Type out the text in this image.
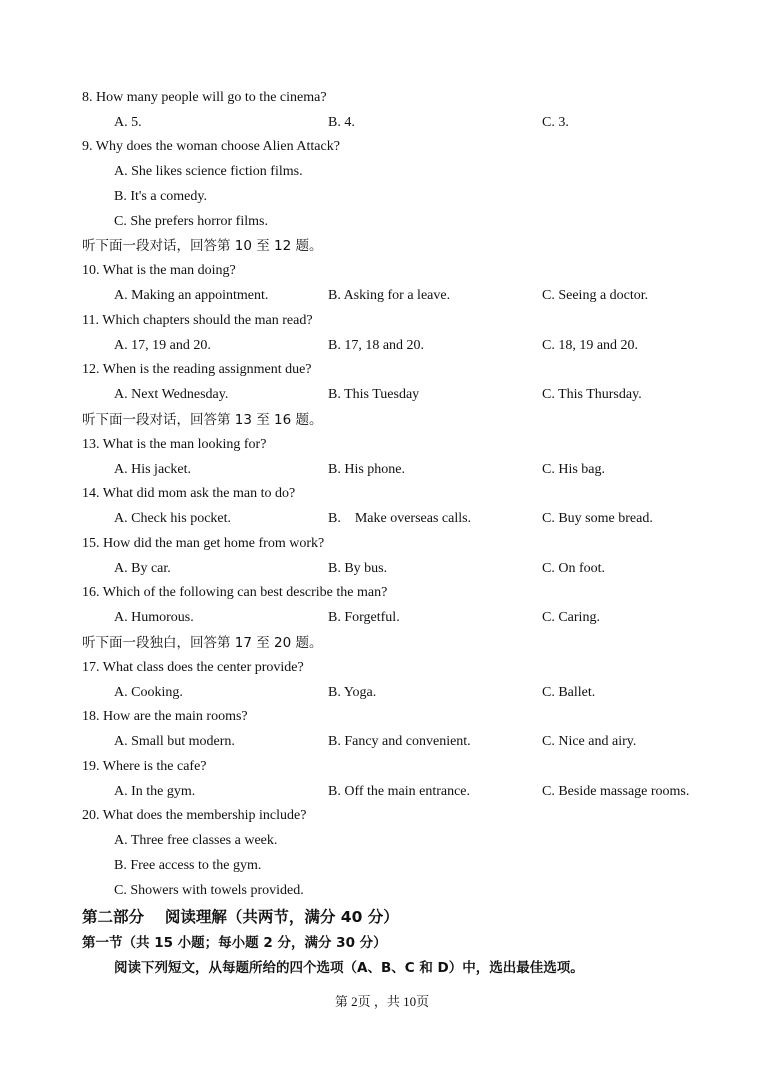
8. How many people will go to the cinema?
A. 5.	B. 4.	C. 3.
9. Why does the woman choose Alien Attack?
A. She likes science fiction films.
B. It's a comedy.
C. She prefers horror films.
听下面一段对话，回答第 10 至 12 题。
10. What is the man doing?
A. Making an appointment.	B. Asking for a leave.	C. Seeing a doctor.
11. Which chapters should the man read?
A. 17, 19 and 20.	B. 17, 18 and 20.	C. 18, 19 and 20.
12. When is the reading assignment due?
A. Next Wednesday.	B. This Tuesday	C. This Thursday.
听下面一段对话，回答第 13 至 16 题。
13. What is the man looking for?
A. His jacket.	B. His phone.	C. His bag.
14. What did mom ask the man to do?
A. Check his pocket.	B.    Make overseas calls.	C. Buy some bread.
15. How did the man get home from work?
A. By car.	B. By bus.	C. On foot.
16. Which of the following can best describe the man?
A. Humorous.	B. Forgetful.	C. Caring.
听下面一段独白，回答第 17 至 20 题。
17. What class does the center provide?
A. Cooking.	B. Yoga.	C. Ballet.
18. How are the main rooms?
A. Small but modern.	B. Fancy and convenient.	C. Nice and airy.
19. Where is the cafe?
A. In the gym.	B. Off the main entrance.	C. Beside massage rooms.
20. What does the membership include?
A. Three free classes a week.
B. Free access to the gym.
C. Showers with towels provided.
第二部分　 阅读理解（共两节，满分 40 分）
第一节（共 15 小题；每小题 2 分，满分 30 分）
阅读下列短文，从每题所给的四个选项（A、B、C 和 D）中，选出最佳选项。
第 2页 ，共 10页
